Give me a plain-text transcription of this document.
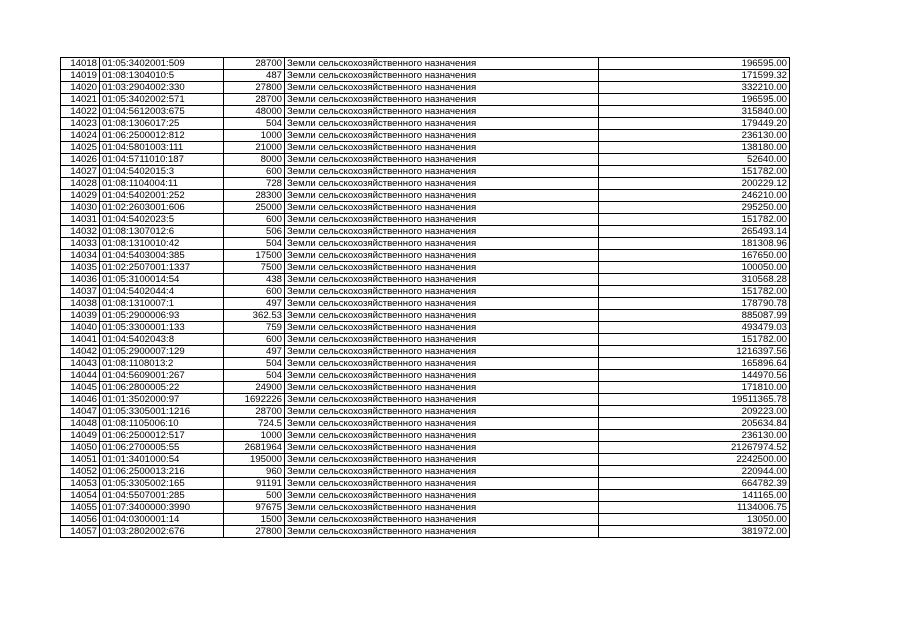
14018	01:05:3402001:509	28700	Земли сельскохозяйственного назначения	196595.00
14019	01:08:1304010:5	487	Земли сельскохозяйственного назначения	171599.32
14020	01:03:2904002:330	27800	Земли сельскохозяйственного назначения	332210.00
14021	01:05:3402002:571	28700	Земли сельскохозяйственного назначения	196595.00
14022	01:04:5612003:675	48000	Земли сельскохозяйственного назначения	315840.00
14023	01:08:1306017:25	504	Земли сельскохозяйственного назначения	179449.20
14024	01:06:2500012:812	1000	Земли сельскохозяйственного назначения	236130.00
14025	01:04:5801003:111	21000	Земли сельскохозяйственного назначения	138180.00
14026	01:04:5711010:187	8000	Земли сельскохозяйственного назначения	52640.00
14027	01:04:5402015:3	600	Земли сельскохозяйственного назначения	151782.00
14028	01:08:1104004:11	728	Земли сельскохозяйственного назначения	200229.12
14029	01:04:5402001:252	28300	Земли сельскохозяйственного назначения	246210.00
14030	01:02:2603001:606	25000	Земли сельскохозяйственного назначения	295250.00
14031	01:04:5402023:5	600	Земли сельскохозяйственного назначения	151782.00
14032	01:08:1307012:6	506	Земли сельскохозяйственного назначения	265493.14
14033	01:08:1310010:42	504	Земли сельскохозяйственного назначения	181308.96
14034	01:04:5403004:385	17500	Земли сельскохозяйственного назначения	167650.00
14035	01:02:2507001:1337	7500	Земли сельскохозяйственного назначения	100050.00
14036	01:05:3100014:54	438	Земли сельскохозяйственного назначения	310568.28
14037	01:04:5402044:4	600	Земли сельскохозяйственного назначения	151782.00
14038	01:08:1310007:1	497	Земли сельскохозяйственного назначения	178790.78
14039	01:05:2900006:93	362.53	Земли сельскохозяйственного назначения	885087.99
14040	01:05:3300001:133	759	Земли сельскохозяйственного назначения	493479.03
14041	01:04:5402043:8	600	Земли сельскохозяйственного назначения	151782.00
14042	01:05:2900007:129	497	Земли сельскохозяйственного назначения	1216397.56
14043	01:08:1108013:2	504	Земли сельскохозяйственного назначения	165896.64
14044	01:04:5609001:267	504	Земли сельскохозяйственного назначения	144970.56
14045	01:06:2800005:22	24900	Земли сельскохозяйственного назначения	171810.00
14046	01:01:3502000:97	1692226	Земли сельскохозяйственного назначения	19511365.78
14047	01:05:3305001:1216	28700	Земли сельскохозяйственного назначения	209223.00
14048	01:08:1105006:10	724.5	Земли сельскохозяйственного назначения	205634.84
14049	01:06:2500012:517	1000	Земли сельскохозяйственного назначения	236130.00
14050	01:06:2700005:55	2681964	Земли сельскохозяйственного назначения	21267974.52
14051	01:01:3401000:54	195000	Земли сельскохозяйственного назначения	2242500.00
14052	01:06:2500013:216	960	Земли сельскохозяйственного назначения	220944.00
14053	01:05:3305002:165	91191	Земли сельскохозяйственного назначения	664782.39
14054	01:04:5507001:285	500	Земли сельскохозяйственного назначения	141165.00
14055	01:07:3400000:3990	97675	Земли сельскохозяйственного назначения	1134006.75
14056	01:04:0300001:14	1500	Земли сельскохозяйственного назначения	13050.00
14057	01:03:2802002:676	27800	Земли сельскохозяйственного назначения	381972.00
